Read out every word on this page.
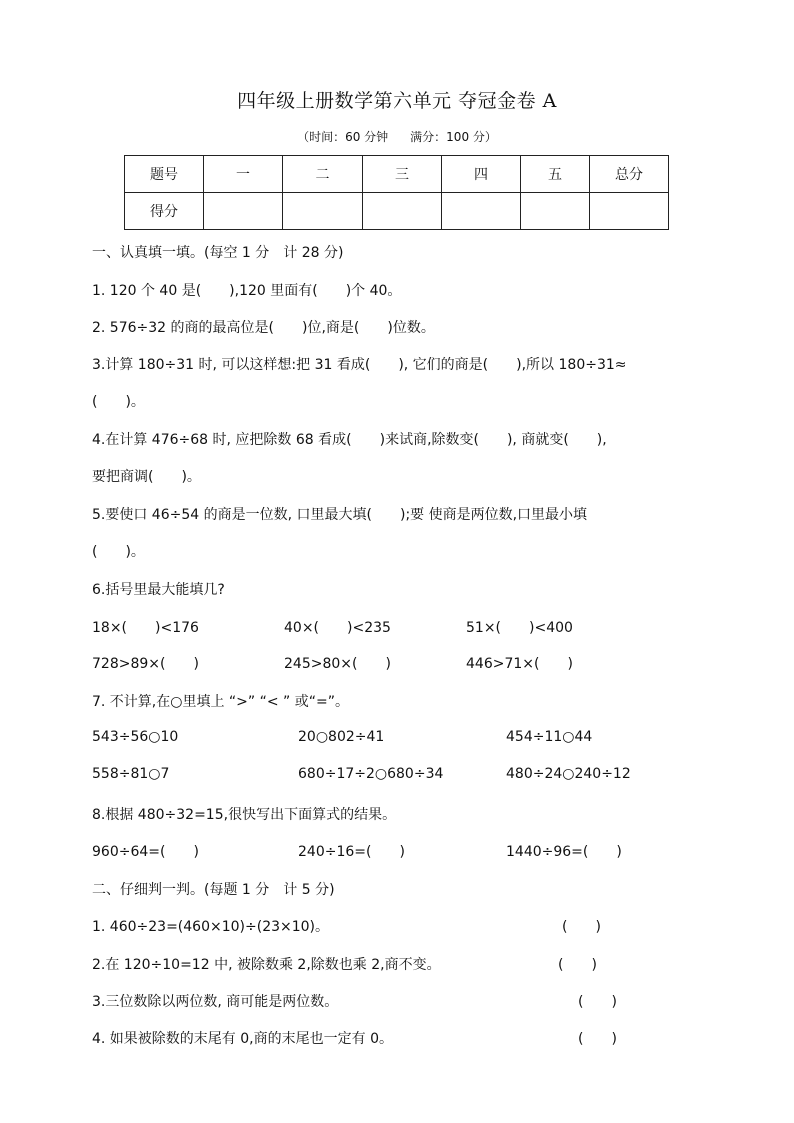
四年级上册数学第六单元 夺冠金卷 A
（时间：60 分钟 满分：100 分）
题号	一	二	三	四	五	总分
得分						
一、认真填一填。(每空 1 分　计 28 分)
1. 120 个 40 是(　　),120 里面有(　　)个 40。
2. 576÷32 的商的最高位是(　　)位,商是(　　)位数。
3.计算 180÷31 时, 可以这样想:把 31 看成(　　), 它们的商是(　　),所以 180÷31≈
(　　)。
4.在计算 476÷68 时, 应把除数 68 看成(　　)来试商,除数变(　　), 商就变(　　),
要把商调(　　)。
5.要使口 46÷54 的商是一位数, 口里最大填(　　);要 使商是两位数,口里最小填
(　　)。
6.括号里最大能填几?
18×(　　)<176	40×(　　)<235	51×(　　)<400
728>89×(　　)	245>80×(　　)	446>71×(　　)
7. 不计算,在○里填上 “>” “< ” 或“=”。
543÷56○10	20○802÷41	454÷11○44
558÷81○7	680÷17÷2○680÷34	480÷24○240÷12
8.根据 480÷32=15,很快写出下面算式的结果。
960÷64=(　　)	240÷16=(　　)	1440÷96=(　　)
二、仔细判一判。(每题 1 分　计 5 分)
1. 460÷23=(460×10)÷(23×10)。	(　　)
2.在 120÷10=12 中, 被除数乘 2,除数也乘 2,商不变。	(　　)
3.三位数除以两位数, 商可能是两位数。	(　　)
4. 如果被除数的末尾有 0,商的末尾也一定有 0。	(　　)
